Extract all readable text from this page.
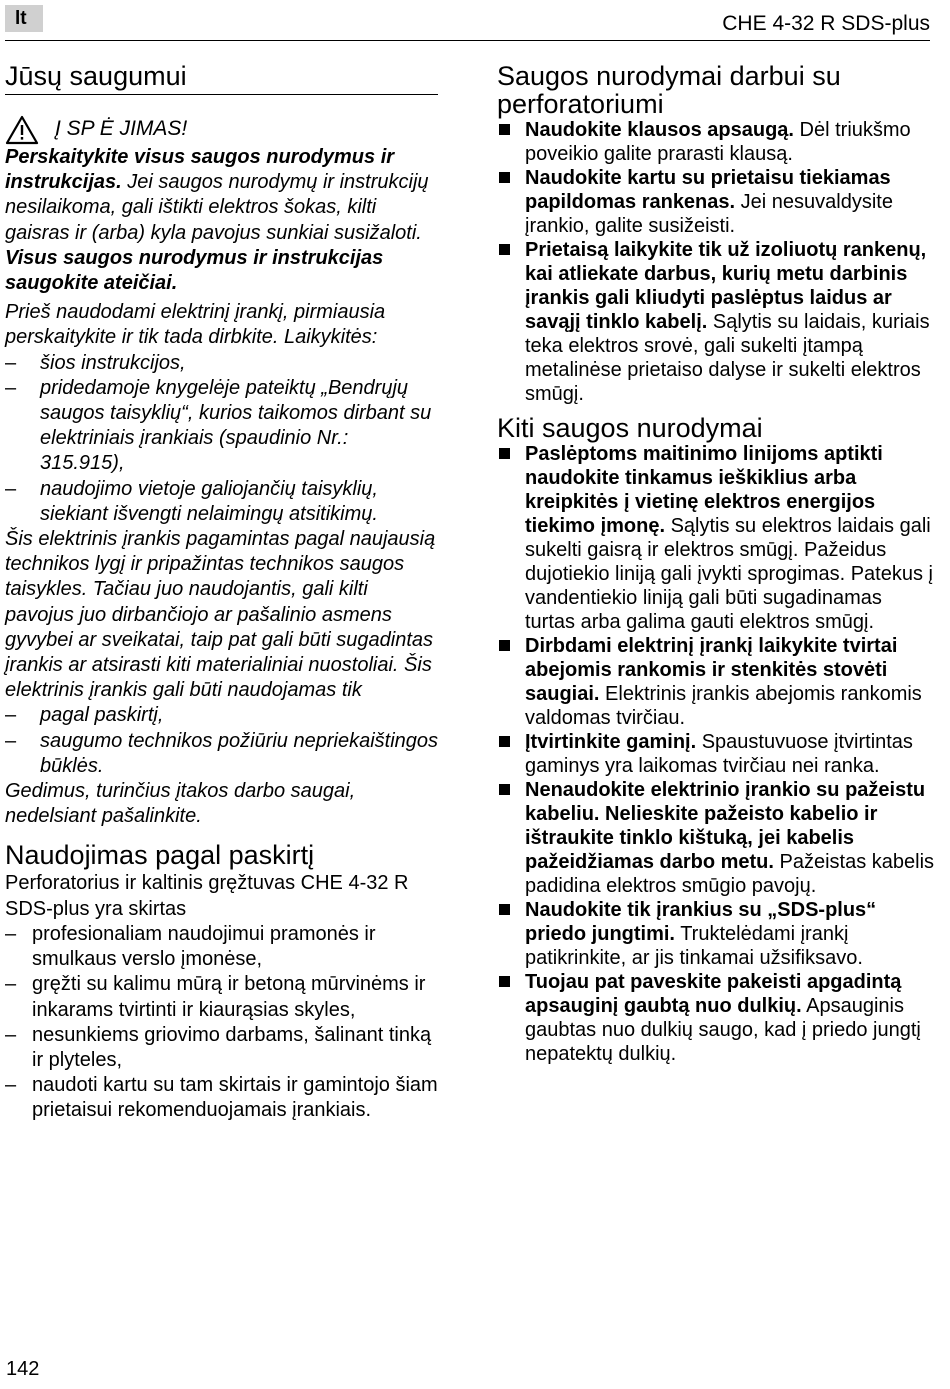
lt	CHE 4-32 R SDS-plus
Jūsų saugumui

Į SP Ė JIMAS!

Perskaitykite visus saugos nurodymus ir instrukcijas. Jei saugos nurodymų ir instrukcijų nesilaikoma, gali ištikti elektros šokas, kilti gaisras ir (arba) kyla pavojus sunkiai susižaloti. Visus saugos nurodymus ir instrukcijas saugokite ateičiai.

Prieš naudodami elektrinį įrankį, pirmiausia perskaitykite ir tik tada dirbkite. Laikykitės:

– šios instrukcijos,
– pridedamoje knygelėje pateiktų „Bendrųjų saugos taisyklių“, kurios taikomos dirbant su elektriniais įrankiais (spaudinio Nr.: 315.915),
– naudojimo vietoje galiojančių taisyklių, siekiant išvengti nelaimingų atsitikimų.

Šis elektrinis įrankis pagamintas pagal naujausią technikos lygį ir pripažintas technikos saugos taisykles. Tačiau juo naudojantis, gali kilti pavojus juo dirbančiojo ar pašalinio asmens gyvybei ar sveikatai, taip pat gali būti sugadintas įrankis ar atsirasti kiti materialiniai nuostoliai. Šis elektrinis įrankis gali būti naudojamas tik

– pagal paskirtį,
– saugumo technikos požiūriu nepriekaištingos būklės.

Gedimus, turinčius įtakos darbo saugai, nedelsiant pašalinkite.

Naudojimas pagal paskirtį

Perforatorius ir kaltinis gręžtuvas CHE 4-32 R SDS-plus yra skirtas

– profesionaliam naudojimui pramonės ir smulkaus verslo įmonėse,
– gręžti su kalimu mūrą ir betoną mūrvinėms ir inkarams tvirtinti ir kiaurąsias skyles,
– nesunkiems griovimo darbams, šalinant tinką ir plyteles,
– naudoti kartu su tam skirtais ir gamintojo šiam prietaisui rekomenduojamais įrankiais.
Saugos nurodymai darbui su perforatoriumi
Naudokite klausos apsaugą. Dėl triukšmo poveikio galite prarasti klausą.
Naudokite kartu su prietaisu tiekiamas papildomas rankenas. Jei nesuvaldysite įrankio, galite susižeisti.
Prietaisą laikykite tik už izoliuotų rankenų, kai atliekate darbus, kurių metu darbinis įrankis gali kliudyti paslėptus laidus ar savąjį tinklo kabelį. Sąlytis su laidais, kuriais teka elektros srovė, gali sukelti įtampą metalinėse prietaiso dalyse ir sukelti elektros smūgį.
Kiti saugos nurodymai
Paslėptoms maitinimo linijoms aptikti naudokite tinkamus ieškiklius arba kreipkitės į vietinę elektros energijos tiekimo įmonę. Sąlytis su elektros laidais gali sukelti gaisrą ir elektros smūgį. Pažeidus dujotiekio liniją gali įvykti sprogimas. Patekus į vandentiekio liniją gali būti sugadinamas turtas arba galima gauti elektros smūgį.
Dirbdami elektrinį įrankį laikykite tvirtai abejomis rankomis ir stenkitės stovėti saugiai. Elektrinis įrankis abejomis rankomis valdomas tvirčiau.
Įtvirtinkite gaminį. Spaustuvuose įtvirtintas gaminys yra laikomas tvirčiau nei ranka.
Nenaudokite elektrinio įrankio su pažeistu kabeliu. Nelieskite pažeisto kabelio ir ištraukite tinklo kištuką, jei kabelis pažeidžiamas darbo metu. Pažeistas kabelis padidina elektros smūgio pavojų.
Naudokite tik įrankius su „SDS-plus“ priedo jungtimi. Truktelėdami įrankį patikrinkite, ar jis tinkamai užsifiksavo.
Tuojau pat paveskite pakeisti apgadintą apsauginį gaubtą nuo dulkių. Apsauginis gaubtas nuo dulkių saugo, kad į priedo jungtį nepatektų dulkių.
142
